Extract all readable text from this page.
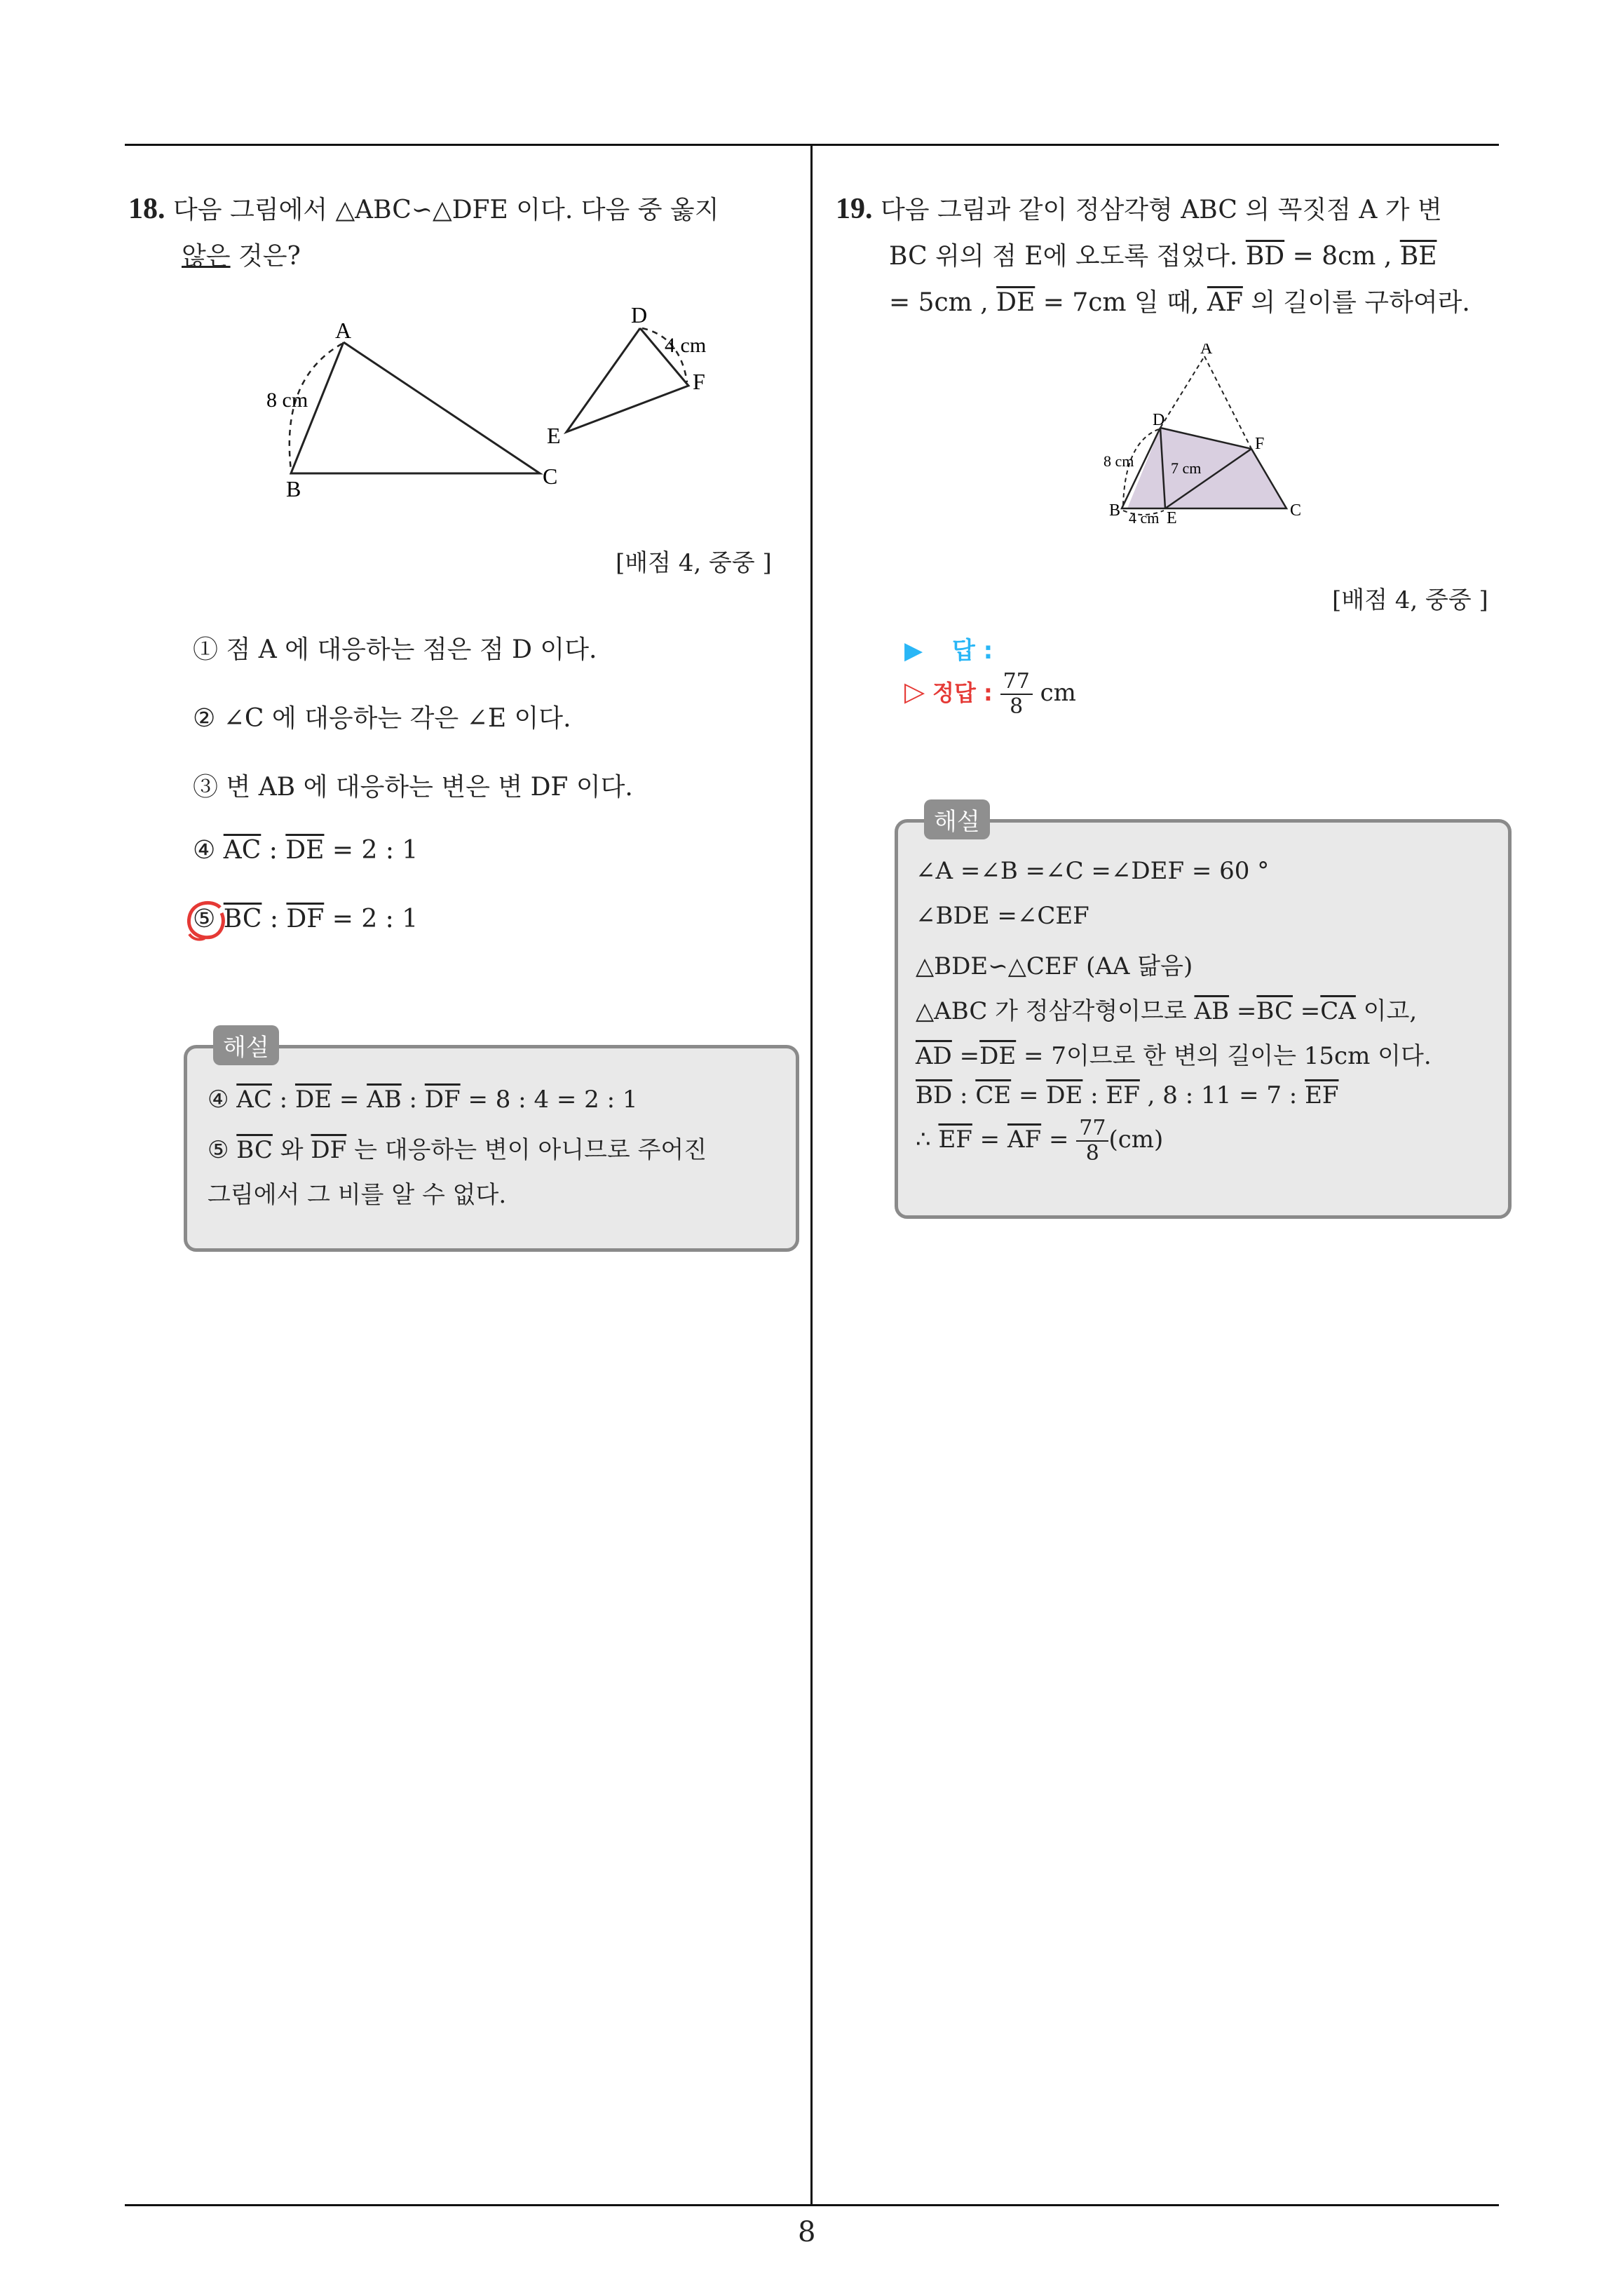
8
18. 다음 그림에서 △ABC∽△DFE 이다. 다음 중 옳지
않은 것은?
A
B	C
8 cm
D
E
F
4 cm
[배점 4, 중중 ]
① 점 A 에 대응하는 점은 점 D 이다.
② ∠C 에 대응하는 각은 ∠E 이다.
③ 변 AB 에 대응하는 변은 변 DF 이다.
④ $\overline{AC}$ : $\overline{DE} = 2$ : 1
⑤ $\overline{BC}$ : $\overline{DF} = 2$ : 1
해설
④ $\overline{AC}$ : $\overline{DE} = \overline{AB}$ : $\overline{DF} = 8$ : 4 = 2 : 1
⑤ $\overline{BC}$ 와 $\overline{DF}$ 는 대응하는 변이 아니므로 주어진
그림에서 그 비를 알 수 없다.
19. 다음 그림과 같이 정삼각형 ABC 의 꼭짓점 A 가 변
BC 위의 점 E에 오도록 접었다. $\overline{BD} = 8cm$ , $\overline{BE}$
= 5cm , $\overline{DE} = 7cm$ 일 때, $\overline{AF}$ 의 길이를 구하여라.
A
D
F
B	E	C
8 cm 7 cm
4 cm
[배점 4, 중중 ]
▶ 답 :
▷ 정답 : $\frac{77}{8}$ cm
해설
∠A =∠B =∠C =∠DEF = 60 °
∠BDE =∠CEF
△BDE∽△CEF (AA 닮음)
△ABC 가 정삼각형이므로 $\overline{AB} =\overline{BC} =\overline{CA}$ 이고,
$\overline{AD} =\overline{DE} = 7$이므로 한 변의 길이는 15cm 이다.
$\overline{BD}$ : $\overline{CE} = \overline{DE}$ : $\overline{EF}$ , 8 : 11 = 7 : $\overline{EF}$
∴ $\overline{EF} = \overline{AF} = \frac{77}{8} (cm)$
